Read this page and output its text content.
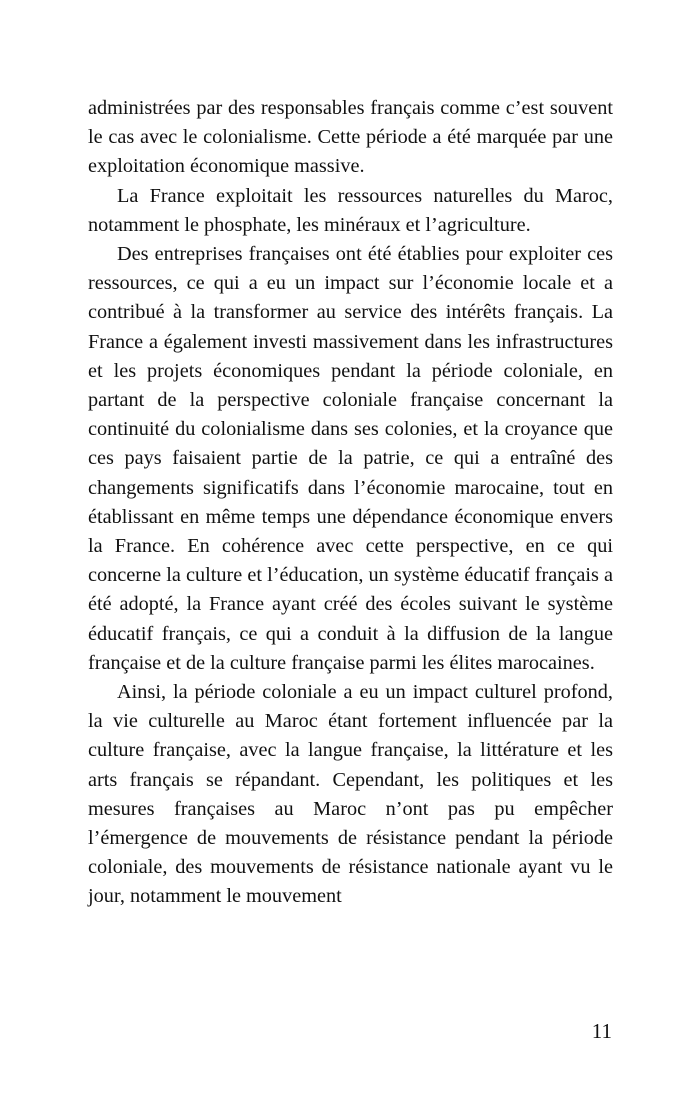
administrées par des responsables français comme c’est souvent le cas avec le colonialisme. Cette période a été marquée par une exploitation économique massive.

La France exploitait les ressources naturelles du Maroc, notamment le phosphate, les minéraux et l’agriculture.

Des entreprises françaises ont été établies pour exploiter ces ressources, ce qui a eu un impact sur l’économie locale et a contribué à la transformer au service des intérêts français. La France a également investi massivement dans les infrastructures et les projets économiques pendant la période coloniale, en partant de la perspective coloniale française concernant la continuité du colonialisme dans ses colonies, et la croyance que ces pays faisaient partie de la patrie, ce qui a entraîné des changements significatifs dans l’économie marocaine, tout en établissant en même temps une dépendance économique envers la France. En cohérence avec cette perspective, en ce qui concerne la culture et l’éducation, un système éducatif français a été adopté, la France ayant créé des écoles suivant le système éducatif français, ce qui a conduit à la diffusion de la langue française et de la culture française parmi les élites marocaines.

Ainsi, la période coloniale a eu un impact culturel profond, la vie culturelle au Maroc étant fortement influencée par la culture française, avec la langue française, la littérature et les arts français se répandant. Cependant, les politiques et les mesures françaises au Maroc n’ont pas pu empêcher l’émergence de mouvements de résistance pendant la période coloniale, des mouvements de résistance nationale ayant vu le jour, notamment le mouvement

11
